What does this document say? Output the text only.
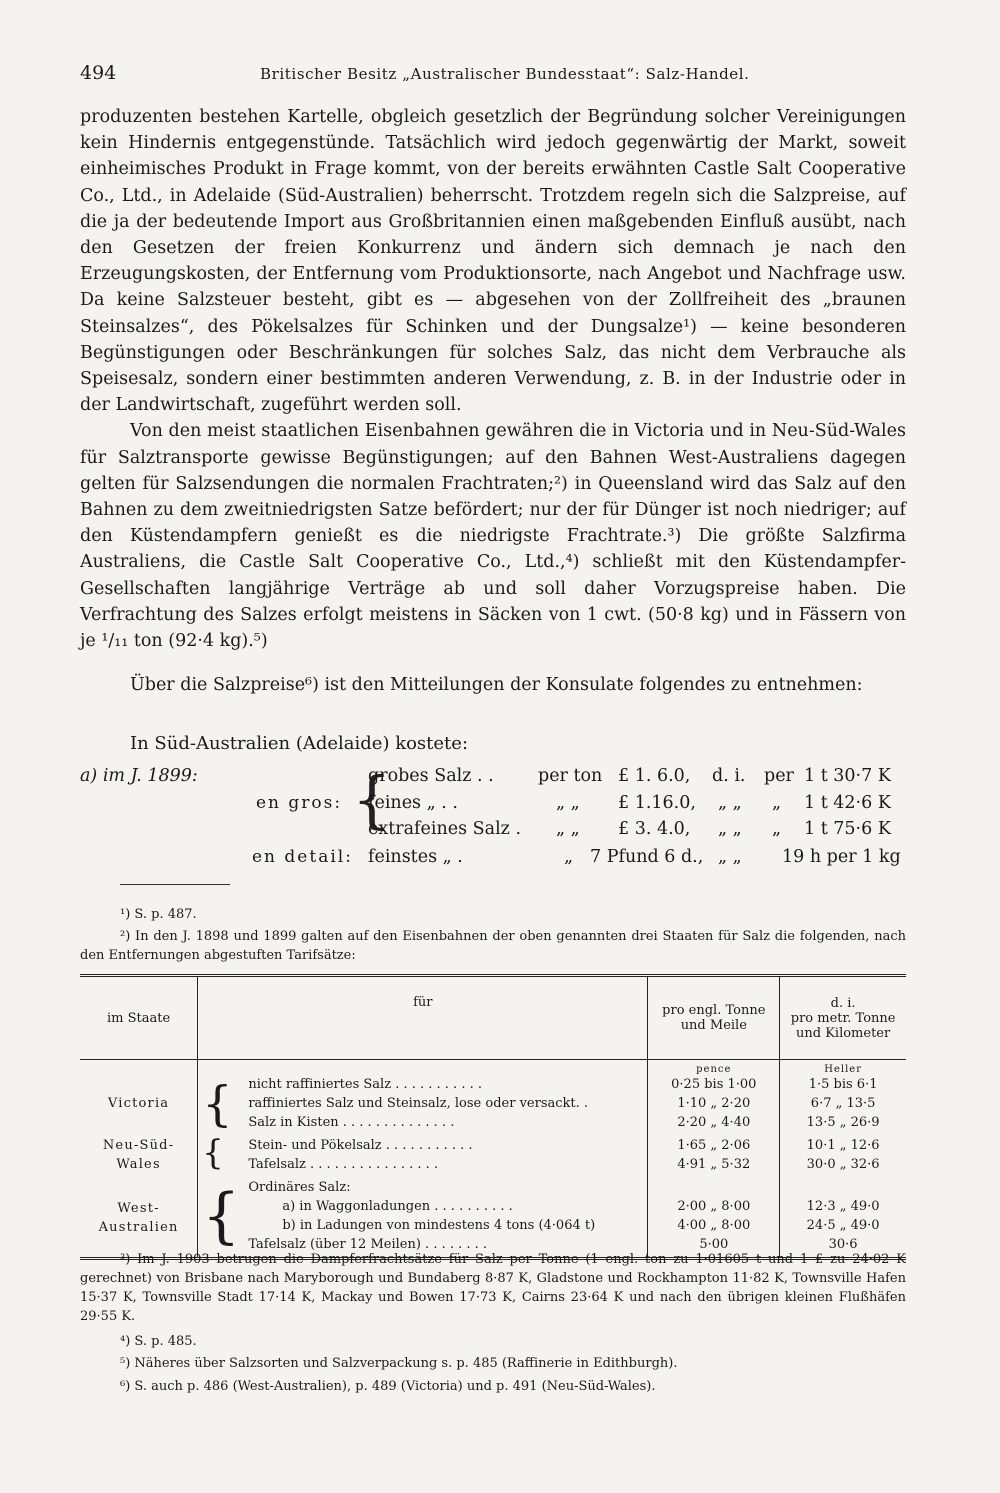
494	Britischer Besitz „Australischer Bundesstaat“: Salz-Handel.

produzenten bestehen Kartelle, obgleich gesetzlich der Begründung solcher Vereinigungen kein Hindernis entgegenstünde. Tatsächlich wird jedoch gegenwärtig der Markt, soweit einheimisches Produkt in Frage kommt, von der bereits erwähnten Castle Salt Cooperative Co., Ltd., in Adelaide (Süd-Australien) beherrscht. Trotzdem regeln sich die Salzpreise, auf die ja der bedeutende Import aus Großbritannien einen maßgebenden Einfluß ausübt, nach den Gesetzen der freien Konkurrenz und ändern sich demnach je nach den Erzeugungskosten, der Entfernung vom Produktionsorte, nach Angebot und Nachfrage usw. Da keine Salzsteuer besteht, gibt es — abgesehen von der Zollfreiheit des „braunen Steinsalzes“, des Pökelsalzes für Schinken und der Dungsalze¹) — keine besonderen Begünstigungen oder Beschränkungen für solches Salz, das nicht dem Verbrauche als Speisesalz, sondern einer bestimmten anderen Verwendung, z. B. in der Industrie oder in der Landwirtschaft, zugeführt werden soll.

Von den meist staatlichen Eisenbahnen gewähren die in Victoria und in Neu-Süd-Wales für Salztransporte gewisse Begünstigungen; auf den Bahnen West-Australiens dagegen gelten für Salzsendungen die normalen Frachtraten;²) in Queensland wird das Salz auf den Bahnen zu dem zweitniedrigsten Satze befördert; nur der für Dünger ist noch niedriger; auf den Küstendampfern genießt es die niedrigste Frachtrate.³) Die größte Salzfirma Australiens, die Castle Salt Cooperative Co., Ltd.,⁴) schließt mit den Küstendampfer-Gesellschaften langjährige Verträge ab und soll daher Vorzugspreise haben. Die Verfrachtung des Salzes erfolgt meistens in Säcken von 1 cwt. (50·8 kg) und in Fässern von je ¹/₁₁ ton (92·4 kg).⁵)

Über die Salzpreise⁶) ist den Mitteilungen der Konsulate folgendes zu entnehmen:

In Süd-Australien (Adelaide) kostete:
a) im J. 1899:
en gros: {
en detail:
grobes Salz . .	per ton £ 1. 6.0, d. i. per 1 t 30·7 K
feines „ . .	„ „ £ 1.16.0, „ „ „ 1 t 42·6 K
extrafeines Salz . „ „ £ 3. 4.0, „ „ „ 1 t 75·6 K
feinstes „ .	„ 7 Pfund 6 d., „ „ 19 h per 1 kg

¹) S. p. 487.

²) In den J. 1898 und 1899 galten auf den Eisenbahnen der oben genannten drei Staaten für Salz die folgenden, nach den Entfernungen abgestuften Tarifsätze:

im Staate	für		pro engl. Tonne und Meile	d. i.
pro metr. Tonne und Kilometer

			pence	Heller
Victoria	{	nicht raffiniertes Salz . . . . . . . . . . .	0·25 bis 1·00	1·5 bis 6·1
		raffiniertes Salz und Steinsalz, lose oder versackt. .	1·10 „ 2·20	6·7 „ 13·5
		Salz in Kisten . . . . . . . . . . . . . .	2·20 „ 4·40	13·5 „ 26·9
Neu-Süd-Wales	{	Stein- und Pökelsalz . . . . . . . . . . .	1·65 „ 2·06	10·1 „ 12·6
		Tafelsalz . . . . . . . . . . . . . . . .	4·91 „ 5·32	30·0 „ 32·6
West-Australien	{	Ordinäres Salz:		
		a) in Waggonladungen . . . . . . . . . .	2·00 „ 8·00	12·3 „ 49·0
		b) in Ladungen von mindestens 4 tons (4·064 t)	4·00 „ 8·00	24·5 „ 49·0
		Tafelsalz (über 12 Meilen) . . . . . . . .	5·00	30·6

³) Im J. 1903 betrugen die Dampferfrachtsätze für Salz per Tonne (1 engl. ton zu 1·01605 t und 1 £ zu 24·02 K gerechnet) von Brisbane nach Maryborough und Bundaberg 8·87 K, Gladstone und Rockhampton 11·82 K, Townsville Hafen 15·37 K, Townsville Stadt 17·14 K, Mackay und Bowen 17·73 K, Cairns 23·64 K und nach den übrigen kleinen Flußhäfen 29·55 K.

⁴) S. p. 485.

⁵) Näheres über Salzsorten und Salzverpackung s. p. 485 (Raffinerie in Edithburgh).

⁶) S. auch p. 486 (West-Australien), p. 489 (Victoria) und p. 491 (Neu-Süd-Wales).
